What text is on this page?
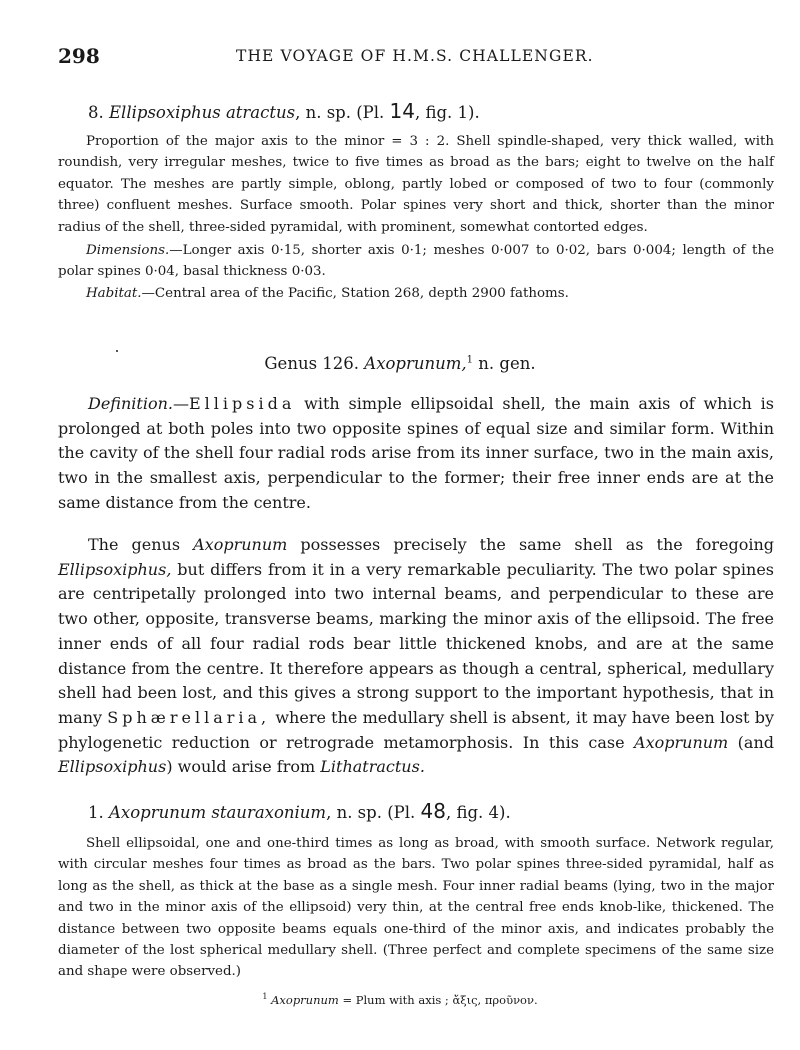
298	THE VOYAGE OF H.M.S. CHALLENGER.
8. Ellipsoxiphus atractus, n. sp. (Pl. 14, fig. 1).
Proportion of the major axis to the minor = 3 : 2. Shell spindle-shaped, very thick walled, with roundish, very irregular meshes, twice to five times as broad as the bars; eight to twelve on the half equator. The meshes are partly simple, oblong, partly lobed or composed of two to four (commonly three) confluent meshes. Surface smooth. Polar spines very short and thick, shorter than the minor radius of the shell, three-sided pyramidal, with prominent, somewhat contorted edges.
Dimensions.—Longer axis 0·15, shorter axis 0·1; meshes 0·007 to 0·02, bars 0·004; length of the polar spines 0·04, basal thickness 0·03.
Habitat.—Central area of the Pacific, Station 268, depth 2900 fathoms.
Genus 126. Axoprunum,$^1$ n. gen.
Definition.—Ellipsida with simple ellipsoidal shell, the main axis of which is prolonged at both poles into two opposite spines of equal size and similar form. Within the cavity of the shell four radial rods arise from its inner surface, two in the main axis, two in the smallest axis, perpendicular to the former; their free inner ends are at the same distance from the centre.
The genus Axoprunum possesses precisely the same shell as the foregoing Ellipsoxiphus, but differs from it in a very remarkable peculiarity. The two polar spines are centripetally prolonged into two internal beams, and perpendicular to these are two other, opposite, transverse beams, marking the minor axis of the ellipsoid. The free inner ends of all four radial rods bear little thickened knobs, and are at the same distance from the centre. It therefore appears as though a central, spherical, medullary shell had been lost, and this gives a strong support to the important hypothesis, that in many Sphærellaria, where the medullary shell is absent, it may have been lost by phylogenetic reduction or retrograde metamorphosis. In this case Axoprunum (and Ellipsoxiphus) would arise from Lithatractus.
1. Axoprunum stauraxonium, n. sp. (Pl. 48, fig. 4).
Shell ellipsoidal, one and one-third times as long as broad, with smooth surface. Network regular, with circular meshes four times as broad as the bars. Two polar spines three-sided pyramidal, half as long as the shell, as thick at the base as a single mesh. Four inner radial beams (lying, two in the major and two in the minor axis of the ellipsoid) very thin, at the central free ends knob-like, thickened. The distance between two opposite beams equals one-third of the minor axis, and indicates probably the diameter of the lost spherical medullary shell. (Three perfect and complete specimens of the same size and shape were observed.)
$^1$ Axoprunum = Plum with axis ; ἄξις, προῦνον.
